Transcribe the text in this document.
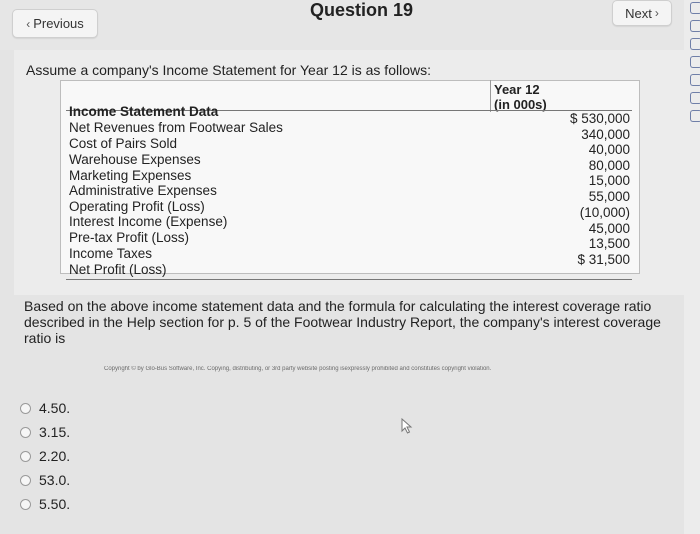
‹ Previous
Question 19	Next ›
Assume a company's Income Statement for Year 12 is as follows:
Year 12
(in 000s)
Income Statement Data
Net Revenues from Footwear Sales
Cost of Pairs Sold
Warehouse Expenses
Marketing Expenses
Administrative Expenses
Operating Profit (Loss)
Interest Income (Expense)
Pre-tax Profit (Loss)
Income Taxes
Net Profit (Loss)
$ 530,000
340,000
40,000
80,000
15,000
55,000
(10,000)
45,000
13,500
$ 31,500
Based on the above income statement data and the formula for calculating the interest coverage ratio described in the Help section for p. 5 of the Footwear Industry Report, the company's interest coverage ratio is
Copyright © by Glo-Bus Software, Inc. Copying, distributing, or 3rd party website posting isexpressly prohibited and constitutes copyright violation.
4.50.
3.15.
2.20.
53.0.
5.50.
